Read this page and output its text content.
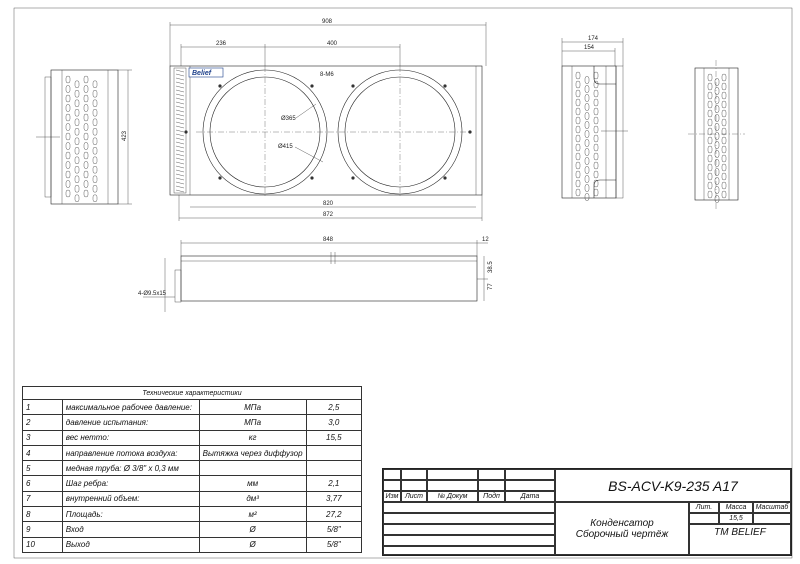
423
908
236	400
Belief
Ø365
Ø415
8-M6
820
872
848	12
38.5
77
4-Ø9.5x15
174
154
Технические характеристики			
1	максимальное рабочее давление:	МПа	2,5
2	давление испытания:	МПа	3,0
3	вес нетто:	кг	15,5
4	направление потока воздуха:	Вытяжка через диффузор	
5	медная труба: Ø 3/8" x 0,3 мм		
6	Шаг ребра:	мм	2,1
7	внутренний объем:	дм³	3,77
8	Площадь:	м²	27,2
9	Вход	Ø	5/8"
10	Выход	Ø	5/8"
Изм Лист	№ Докум	Подп	Дата
BS-ACV-K9-235 A17
Конденсатор
Сборочный чертёж
Лит.	Масса	Масштаб
15,5
TM BELIEF
